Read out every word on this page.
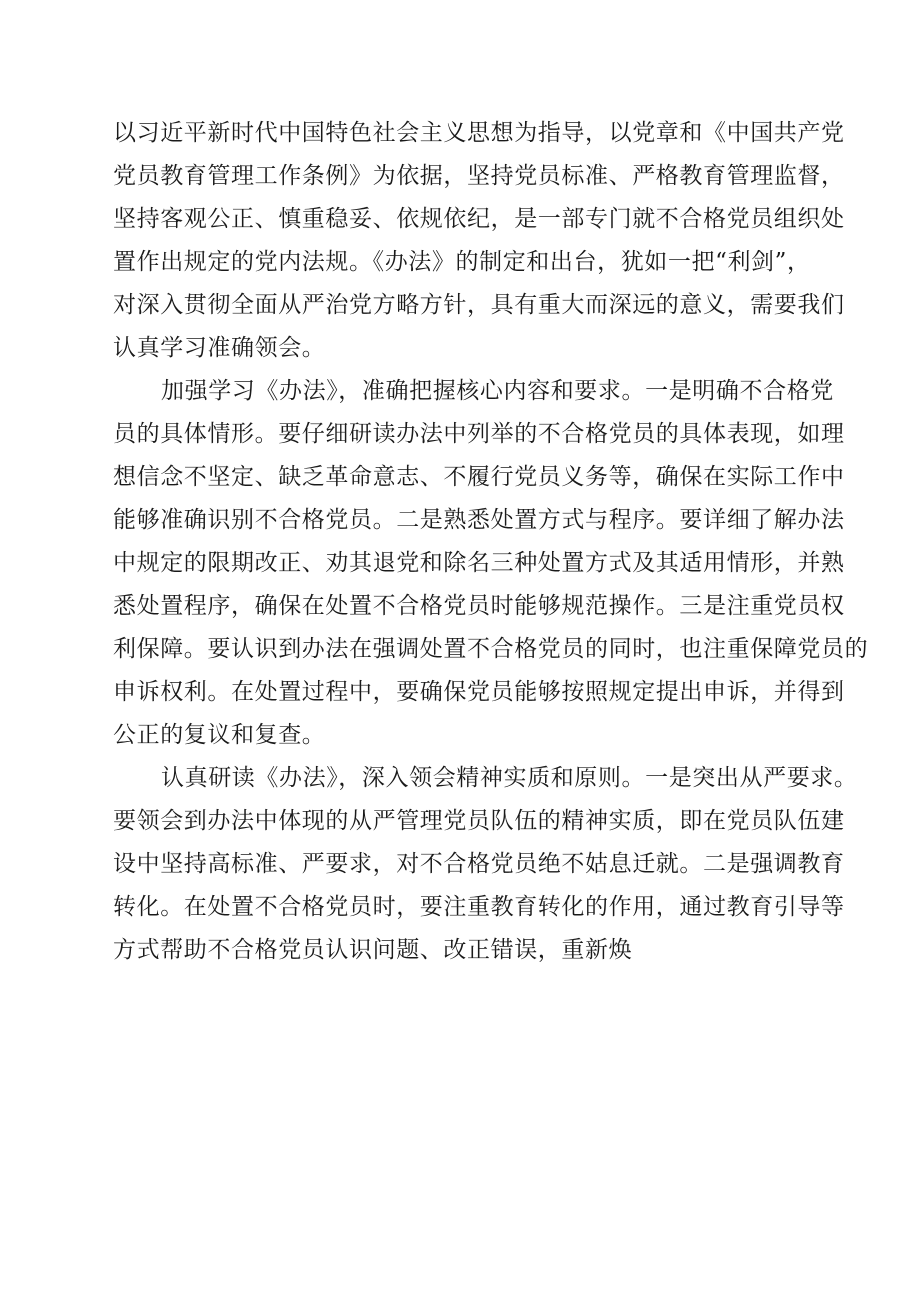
以习近平新时代中国特色社会主义思想为指导，以党章和《中国共产党
党员教育管理工作条例》为依据，坚持党员标准、严格教育管理监督，
坚持客观公正、慎重稳妥、依规依纪，是一部专门就不合格党员组织处
置作出规定的党内法规。《办法》的制定和出台，犹如一把“利剑”，
对深入贯彻全面从严治党方略方针，具有重大而深远的意义，需要我们
认真学习准确领会。
加强学习《办法》，准确把握核心内容和要求。一是明确不合格党
员的具体情形。要仔细研读办法中列举的不合格党员的具体表现，如理
想信念不坚定、缺乏革命意志、不履行党员义务等，确保在实际工作中
能够准确识别不合格党员。二是熟悉处置方式与程序。要详细了解办法
中规定的限期改正、劝其退党和除名三种处置方式及其适用情形，并熟
悉处置程序，确保在处置不合格党员时能够规范操作。三是注重党员权
利保障。要认识到办法在强调处置不合格党员的同时，也注重保障党员的
申诉权利。在处置过程中，要确保党员能够按照规定提出申诉，并得到
公正的复议和复查。
认真研读《办法》，深入领会精神实质和原则。一是突出从严要求。
要领会到办法中体现的从严管理党员队伍的精神实质，即在党员队伍建
设中坚持高标准、严要求，对不合格党员绝不姑息迁就。二是强调教育
转化。在处置不合格党员时，要注重教育转化的作用，通过教育引导等
方式帮助不合格党员认识问题、改正错误，重新焕
